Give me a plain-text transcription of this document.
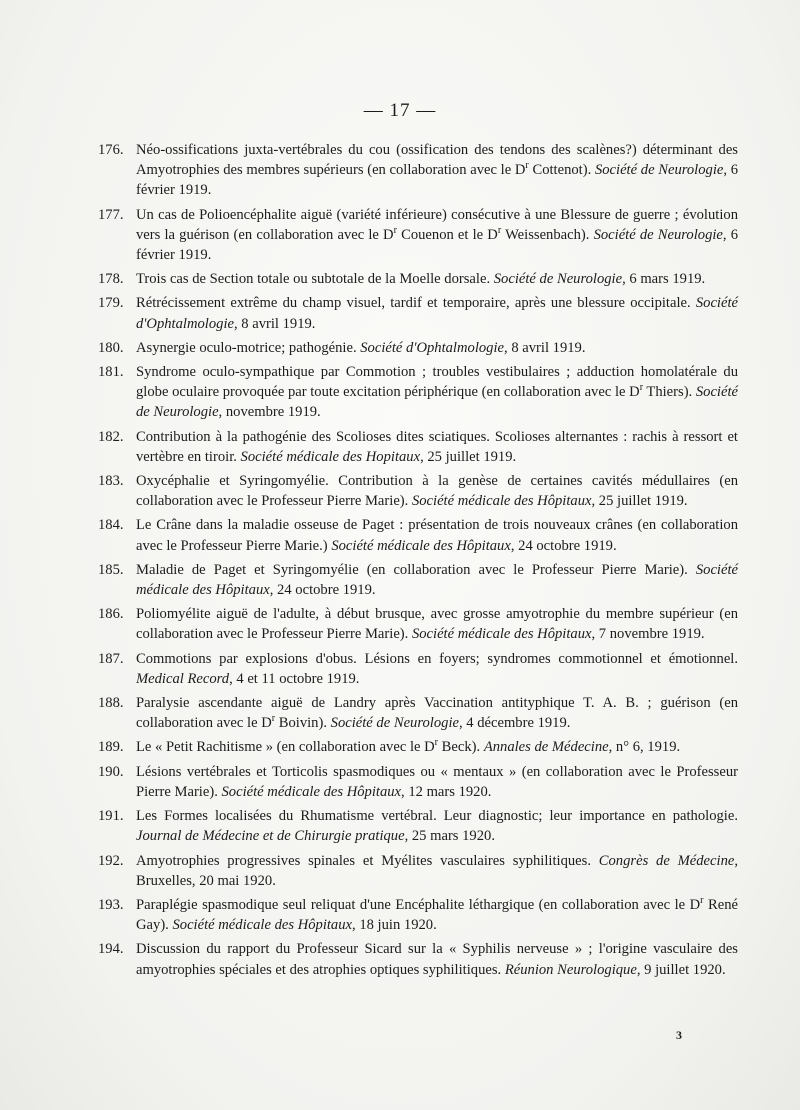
— 17 —
176. Néo-ossifications juxta-vertébrales du cou (ossification des tendons des scalènes?) déterminant des Amyotrophies des membres supérieurs (en collaboration avec le $D^r$ Cottenot). Société de Neurologie, 6 février 1919.
177. Un cas de Polioencéphalite aiguë (variété inférieure) consécutive à une Blessure de guerre ; évolution vers la guérison (en collaboration avec le $D^r$ Couenon et le $D^r$ Weissenbach). Société de Neurologie, 6 février 1919.
178. Trois cas de Section totale ou subtotale de la Moelle dorsale. Société de Neurologie, 6 mars 1919.
179. Rétrécissement extrême du champ visuel, tardif et temporaire, après une blessure occipitale. Société d'Ophtalmologie, 8 avril 1919.
180. Asynergie oculo-motrice; pathogénie. Société d'Ophtalmologie, 8 avril 1919.
181. Syndrome oculo-sympathique par Commotion ; troubles vestibulaires ; adduction homolatérale du globe oculaire provoquée par toute excitation périphérique (en collaboration avec le $D^r$ Thiers). Société de Neurologie, novembre 1919.
182. Contribution à la pathogénie des Scolioses dites sciatiques. Scolioses alternantes : rachis à ressort et vertèbre en tiroir. Société médicale des Hopitaux, 25 juillet 1919.
183. Oxycéphalie et Syringomyélie. Contribution à la genèse de certaines cavités médullaires (en collaboration avec le Professeur Pierre Marie). Société médicale des Hôpitaux, 25 juillet 1919.
184. Le Crâne dans la maladie osseuse de Paget : présentation de trois nouveaux crânes (en collaboration avec le Professeur Pierre Marie.) Société médicale des Hôpitaux, 24 octobre 1919.
185. Maladie de Paget et Syringomyélie (en collaboration avec le Professeur Pierre Marie). Société médicale des Hôpitaux, 24 octobre 1919.
186. Poliomyélite aiguë de l'adulte, à début brusque, avec grosse amyotrophie du membre supérieur (en collaboration avec le Professeur Pierre Marie). Société médicale des Hôpitaux, 7 novembre 1919.
187. Commotions par explosions d'obus. Lésions en foyers; syndromes commotionnel et émotionnel. Medical Record, 4 et 11 octobre 1919.
188. Paralysie ascendante aiguë de Landry après Vaccination antityphique T. A. B. ; guérison (en collaboration avec le $D^r$ Boivin). Société de Neurologie, 4 décembre 1919.
189. Le « Petit Rachitisme » (en collaboration avec le $D^r$ Beck). Annales de Médecine, n° 6, 1919.
190. Lésions vertébrales et Torticolis spasmodiques ou « mentaux » (en collaboration avec le Professeur Pierre Marie). Société médicale des Hôpitaux, 12 mars 1920.
191. Les Formes localisées du Rhumatisme vertébral. Leur diagnostic; leur importance en pathologie. Journal de Médecine et de Chirurgie pratique, 25 mars 1920.
192. Amyotrophies progressives spinales et Myélites vasculaires syphilitiques. Congrès de Médecine, Bruxelles, 20 mai 1920.
193. Paraplégie spasmodique seul reliquat d'une Encéphalite léthargique (en collaboration avec le $D^r$ René Gay). Société médicale des Hôpitaux, 18 juin 1920.
194. Discussion du rapport du Professeur Sicard sur la « Syphilis nerveuse » ; l'origine vasculaire des amyotrophies spéciales et des atrophies optiques syphilitiques. Réunion Neurologique, 9 juillet 1920.
3
